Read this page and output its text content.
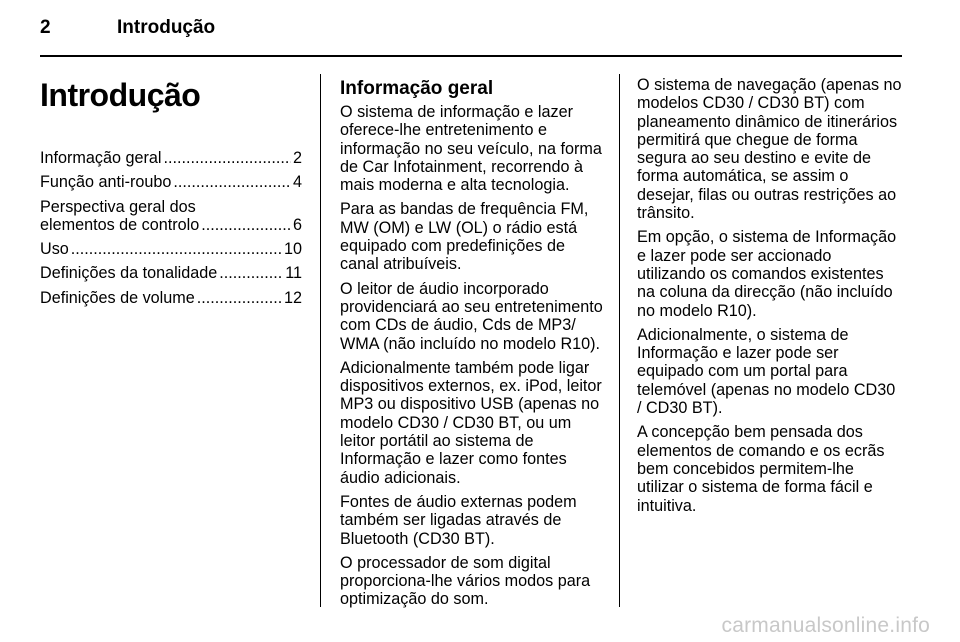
2	Introdução
Introdução
Informação geral .....	2
Função anti-roubo .....	4
Perspectiva geral dos
elementos de controlo .....	6
Uso .....	10
Definições da tonalidade .....	11
Definições de volume .....	12
Informação geral

O sistema de informação e lazer oferece-lhe entretenimento e informação no seu veículo, na forma de Car Infotainment, recorrendo à mais moderna e alta tecnologia.

Para as bandas de frequência FM, MW (OM) e LW (OL) o rádio está equipado com predefinições de canal atribuíveis.

O leitor de áudio incorporado providenciará ao seu entretenimento com CDs de áudio, Cds de MP3/ WMA (não incluído no modelo R10).

Adicionalmente também pode ligar dispositivos externos, ex. iPod, leitor MP3 ou dispositivo USB (apenas no modelo CD30 / CD30 BT, ou um leitor portátil ao sistema de Informação e lazer como fontes áudio adicionais.

Fontes de áudio externas podem também ser ligadas através de Bluetooth (CD30 BT).

O processador de som digital proporciona-lhe vários modos para optimização do som.

O sistema de navegação (apenas no modelos CD30 / CD30 BT) com planeamento dinâmico de itinerários permitirá que chegue de forma segura ao seu destino e evite de forma automática, se assim o desejar, filas ou outras restrições ao trânsito.

Em opção, o sistema de Informação e lazer pode ser accionado utilizando os comandos existentes na coluna da direcção (não incluído no modelo R10).

Adicionalmente, o sistema de Informação e lazer pode ser equipado com um portal para telemóvel (apenas no modelo CD30 / CD30 BT).

A concepção bem pensada dos elementos de comando e os ecrãs bem concebidos permitem-lhe utilizar o sistema de forma fácil e intuitiva.

carmanualsonline.info
